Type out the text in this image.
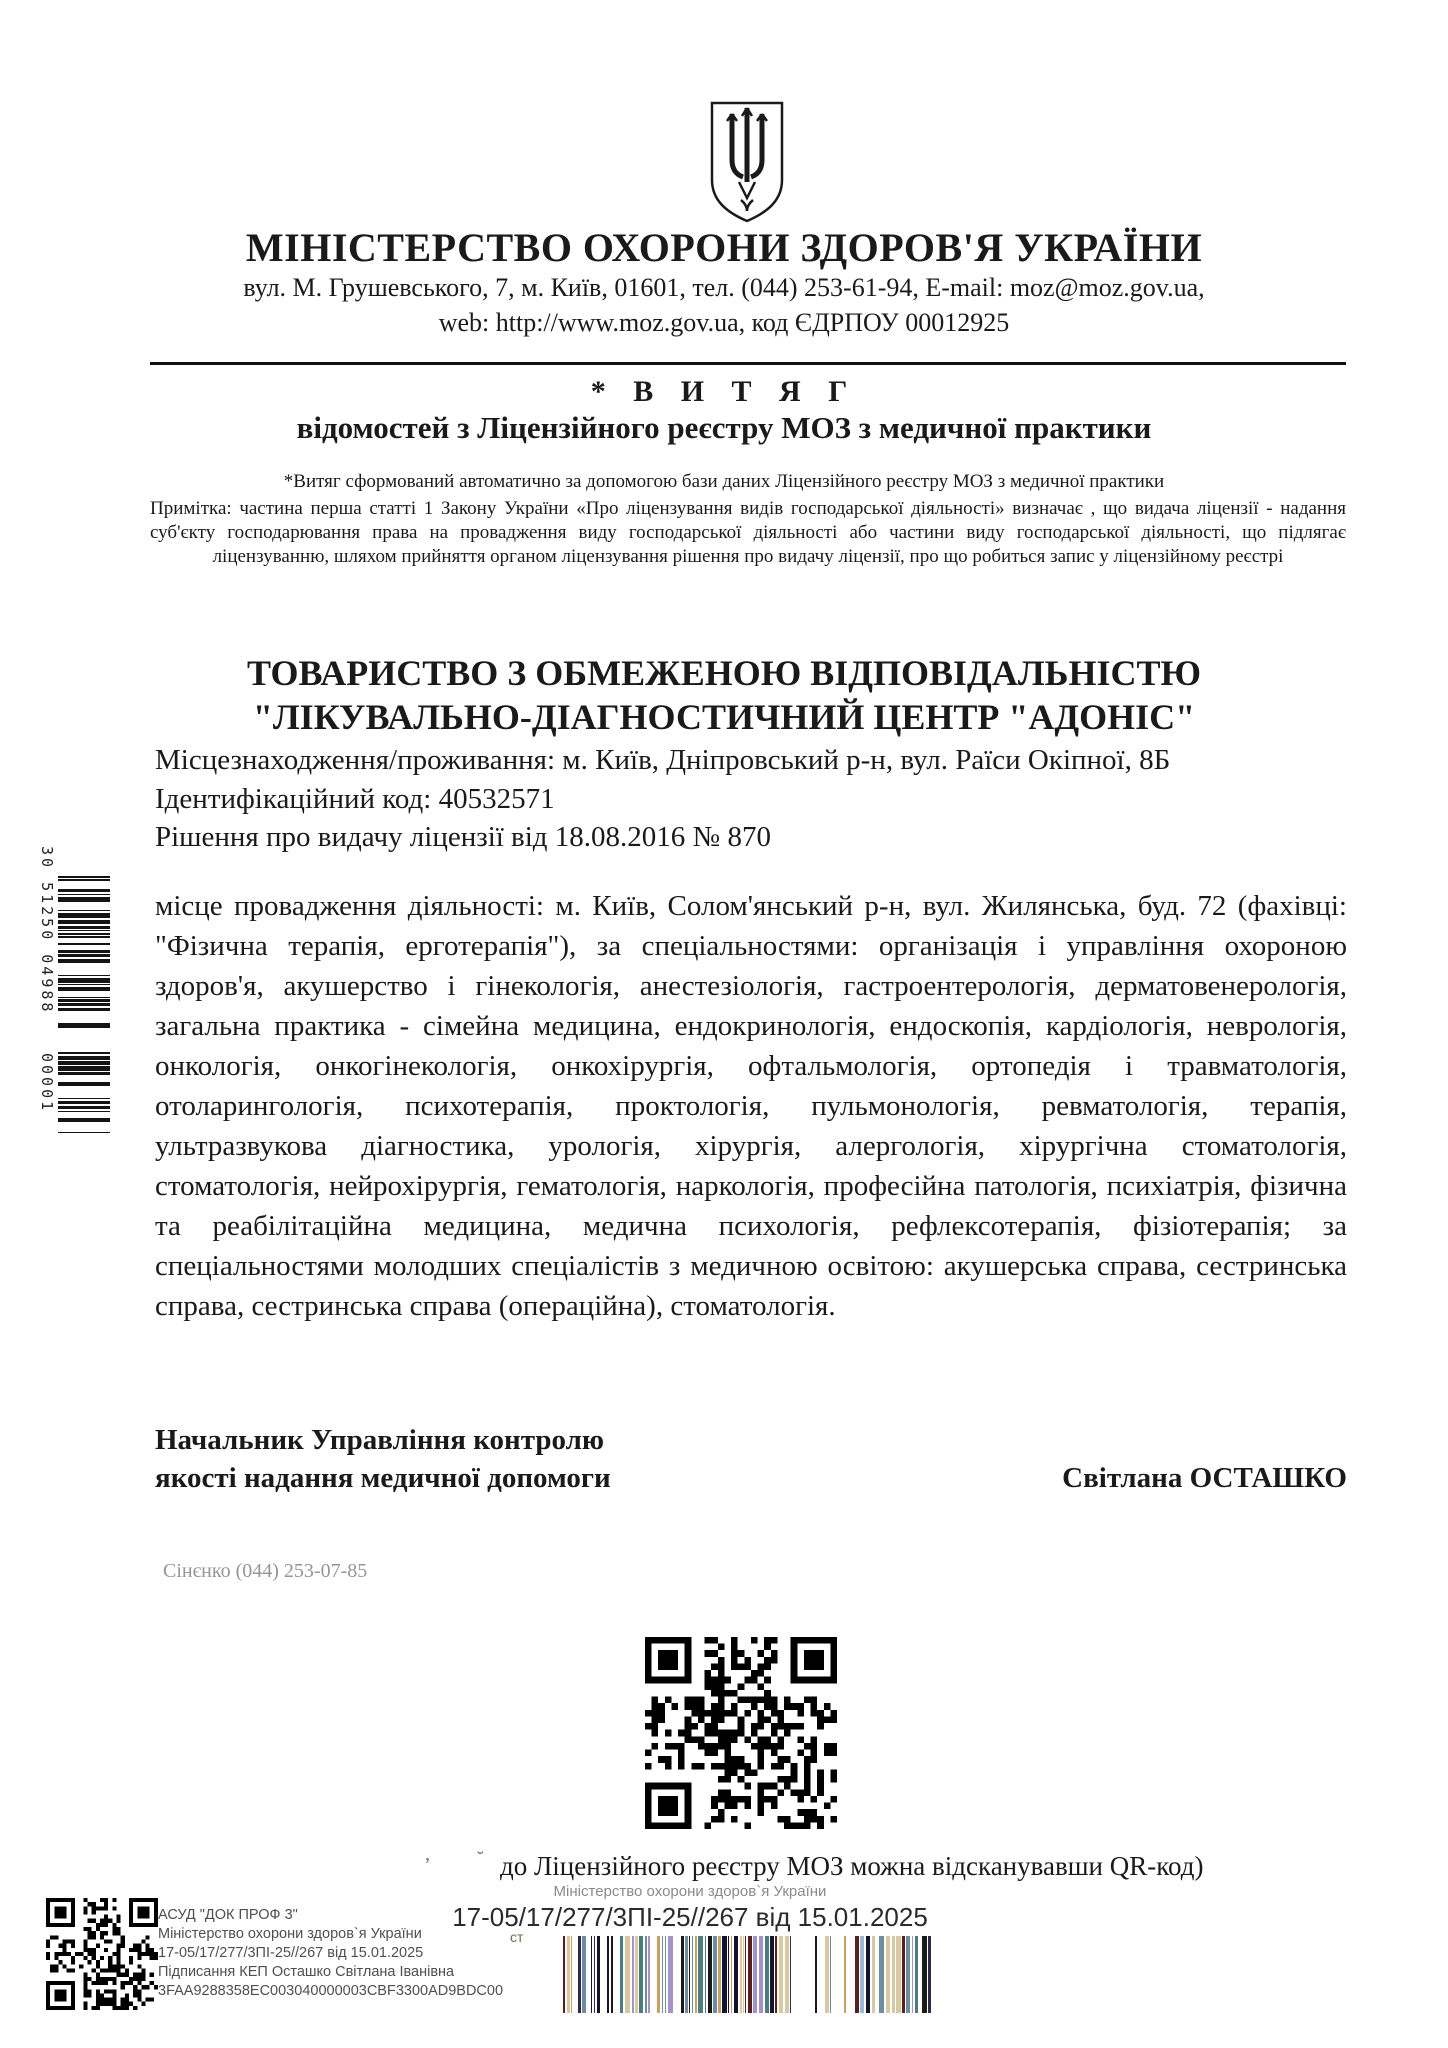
МІНІСТЕРСТВО ОХОРОНИ ЗДОРОВ'Я УКРАЇНИ
вул. М. Грушевського, 7, м. Київ, 01601, тел. (044) 253-61-94, E-mail: moz@moz.gov.ua,
web: http://www.moz.gov.ua, код ЄДРПОУ 00012925
* В И Т Я Г
відомостей з Ліцензійного реєстру МОЗ з медичної практики
*Витяг сформований автоматично за допомогою бази даних Ліцензійного реєстру МОЗ з медичної практики
Примітка: частина перша статті 1 Закону України «Про ліцензування видів господарської діяльності» визначає , що видача ліцензії - надання суб'єкту господарювання права на провадження виду господарської діяльності або частини виду господарської діяльності, що підлягає ліцензуванню, шляхом прийняття органом ліцензування рішення про видачу ліцензії, про що робиться запис у ліцензійному реєстрі
ТОВАРИСТВО З ОБМЕЖЕНОЮ ВІДПОВІДАЛЬНІСТЮ
"ЛІКУВАЛЬНО-ДІАГНОСТИЧНИЙ ЦЕНТР "АДОНІС"
Місцезнаходження/проживання: м. Київ, Дніпровський р-н, вул. Раїси Окіпної, 8Б
Ідентифікаційний код: 40532571
Рішення про видачу ліцензії від 18.08.2016 № 870
місце провадження діяльності: м. Київ, Солом'янський р-н, вул. Жилянська, буд. 72 (фахівці: "Фізична терапія, ерготерапія"), за спеціальностями: організація і управління охороною здоров'я, акушерство і гінекологія, анестезіологія, гастроентерологія, дерматовенерологія, загальна практика - сімейна медицина, ендокринологія, ендоскопія, кардіологія, неврологія, онкологія, онкогінекологія, онкохірургія, офтальмологія, ортопедія і травматологія, отоларингологія, психотерапія, проктологія, пульмонологія, ревматологія, терапія, ультразвукова діагностика, урологія, хірургія, алергологія, хірургічна стоматологія, стоматологія, нейрохірургія, гематологія, наркологія, професійна патологія, психіатрія, фізична та реабілітаційна медицина, медична психологія, рефлексотерапія, фізіотерапія; за спеціальностями молодших спеціалістів з медичною освітою: акушерська справа, сестринська справа, сестринська справа (операційна), стоматологія.
Начальник Управління контролю
якості надання медичної допомоги	Світлана ОСТАШКО
Сінєнко (044) 253-07-85
’ ˘ до Ліцензійного реєстру МОЗ можна відсканувавши QR-код)
Міністерство охорони здоров`я України
17-05/17/277/3ПІ-25//267 від 15.01.2025
cт
АСУД "ДОК ПРОФ 3"
Міністерство охорони здоров`я України
17-05/17/277/3ПІ-25//267 від 15.01.2025
Підписання КЕП Осташко Світлана Іванівна
3FAA9288358EC003040000003CBF3300AD9BDC00
30 51250 04988
00001
